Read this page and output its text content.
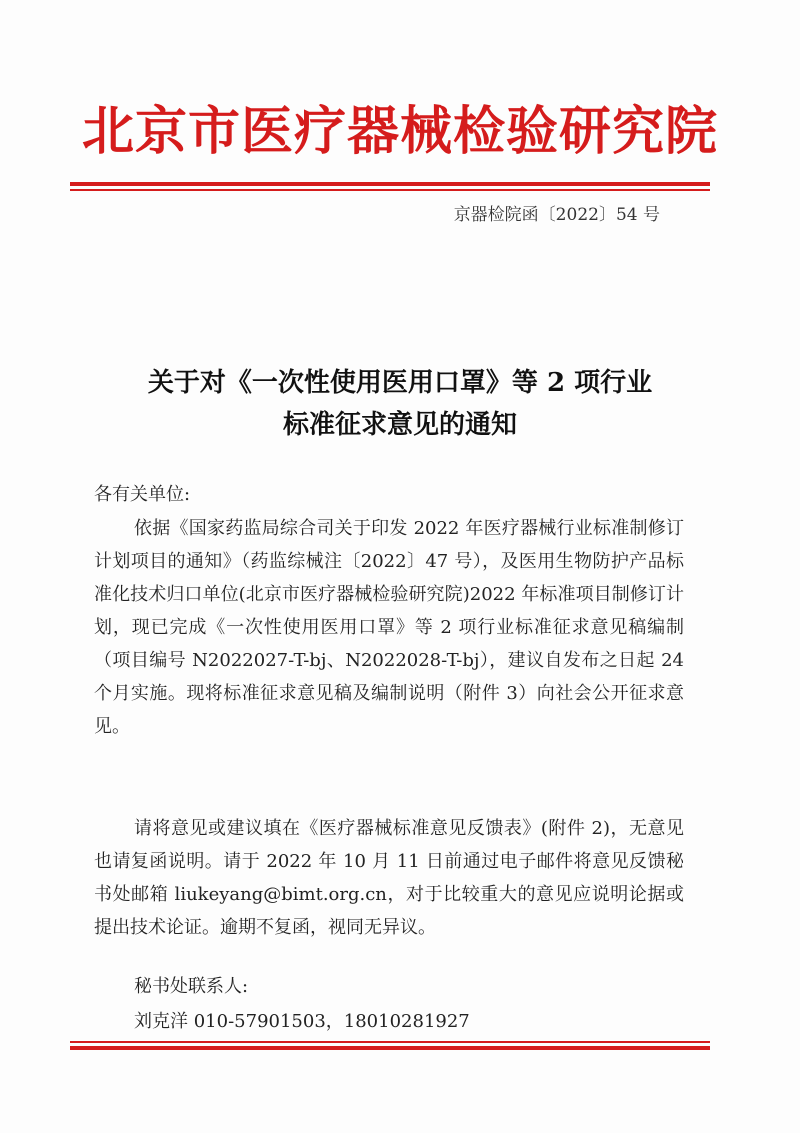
北京市医疗器械检验研究院
京器检院函〔2022〕54 号
关于对《一次性使用医用口罩》等 2 项行业
标准征求意见的通知
各有关单位:
依据《国家药监局综合司关于印发 2022 年医疗器械行业标准制修订计划项目的通知》（药监综械注〔2022〕47 号），及医用生物防护产品标准化技术归口单位(北京市医疗器械检验研究院)2022 年标准项目制修订计划，现已完成《一次性使用医用口罩》等 2 项行业标准征求意见稿编制（项目编号 N2022027-T-bj、N2022028-T-bj），建议自发布之日起 24 个月实施。现将标准征求意见稿及编制说明（附件 3）向社会公开征求意见。
请将意见或建议填在《医疗器械标准意见反馈表》(附件 2)，无意见也请复函说明。请于 2022 年 10 月 11 日前通过电子邮件将意见反馈秘书处邮箱 liukeyang@bimt.org.cn，对于比较重大的意见应说明论据或提出技术论证。逾期不复函，视同无异议。
秘书处联系人:
刘克洋 010-57901503，18010281927
